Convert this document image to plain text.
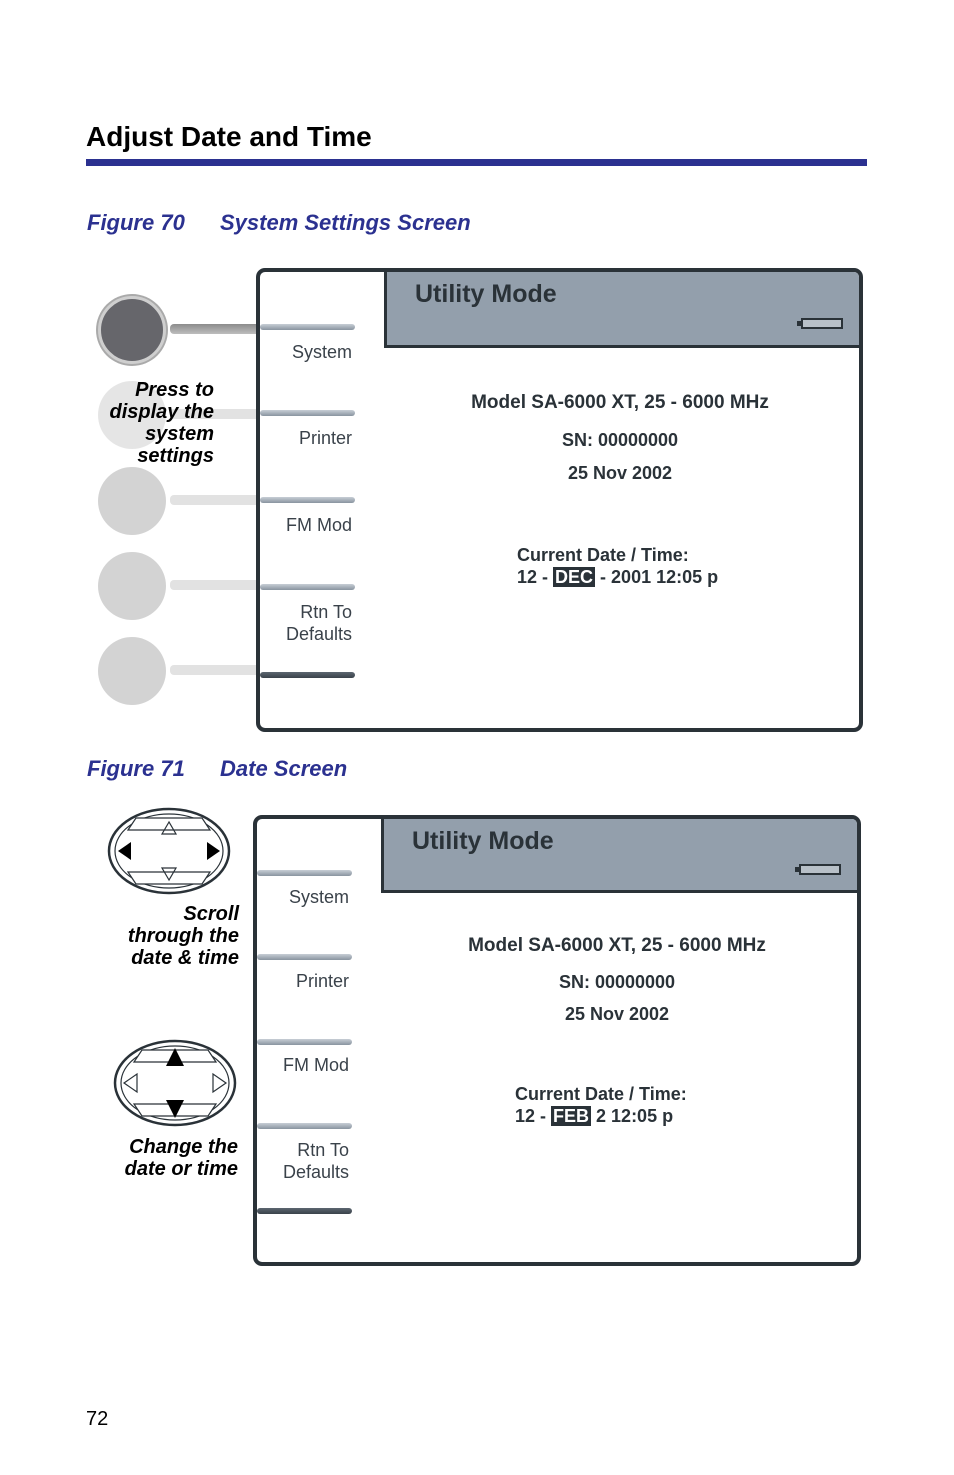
Adjust Date and Time
Figure 70 System Settings Screen
Press to
display the
system
settings
Utility Mode
System
Printer
FM Mod
Rtn To
Defaults
Model SA-6000 XT, 25 - 6000 MHz
SN: 00000000
25 Nov 2002
Current Date / Time:
12 - DEC - 2001 12:05 p
Figure 71 Date Screen
Scroll
through the
date & time
Change the
date or time
Utility Mode
System
Printer
FM Mod
Rtn To
Defaults
Model SA-6000 XT, 25 - 6000 MHz
SN: 00000000
25 Nov 2002
Current Date / Time:
12 - FEB 2 12:05 p
72
